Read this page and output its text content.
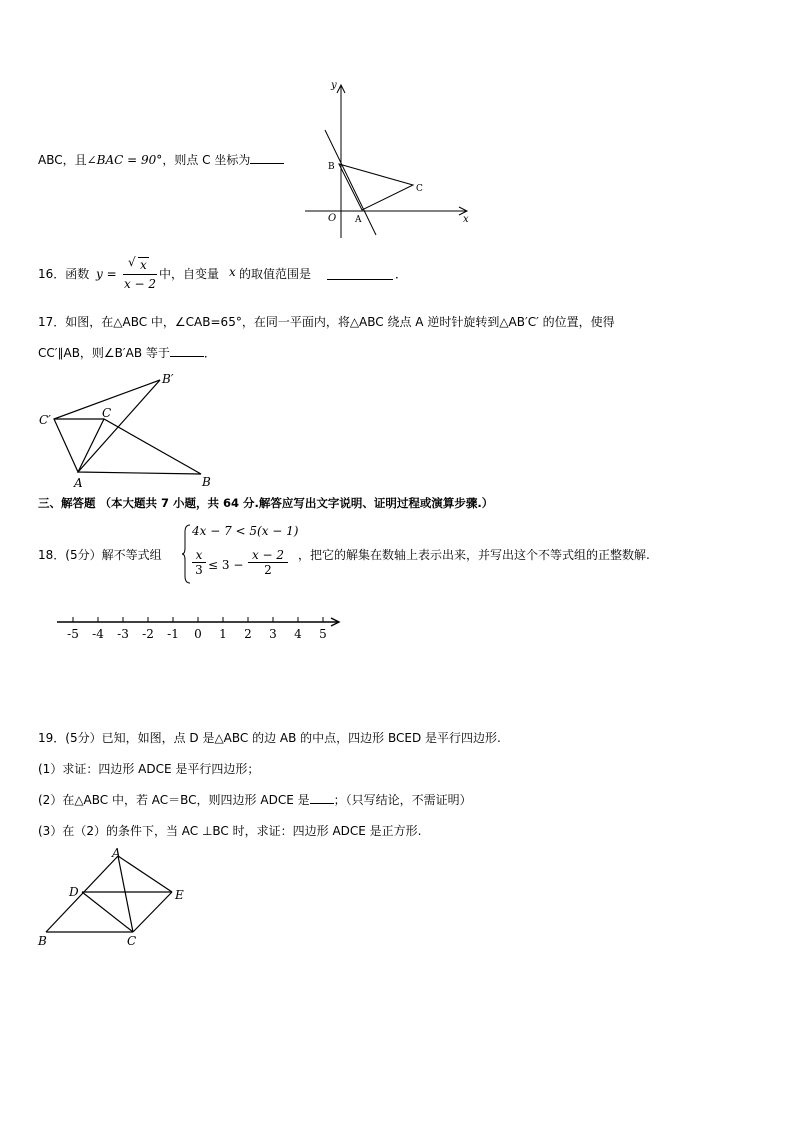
ABC，且∠BAC = 90°，则点 C 坐标为
y
x
O
B
A
C
16．函数 y =
√ x
x − 2
中，自变量 x 的取值范围是	．
17．如图，在△ABC 中，∠CAB=65°，在同一平面内，将△ABC 绕点 A 逆时针旋转到△AB′C′ 的位置，使得
CC′∥AB，则∠B′AB 等于	．
B′
C′	C
A	B
三、解答题 （本大题共 7 小题，共 64 分.解答应写出文字说明、证明过程或演算步骤.）
18．(5分）解不等式组
4x − 7 < 5(x − 1)
x
3 ≤ 3 −
x − 2
2
，把它的解集在数轴上表示出来，并写出这个不等式组的正整数解.
-5 -4 -3 -2 -1 0 1 2 3 4 5
19．(5分）已知，如图，点 D 是△ABC 的边 AB 的中点，四边形 BCED 是平行四边形.
(1）求证：四边形 ADCE 是平行四边形；
(2）在△ABC 中，若 AC＝BC，则四边形 ADCE 是 ；（只写结论，不需证明）
(3）在（2）的条件下，当 AC ⊥BC 时，求证：四边形 ADCE 是正方形.
A
D	E
B	C
